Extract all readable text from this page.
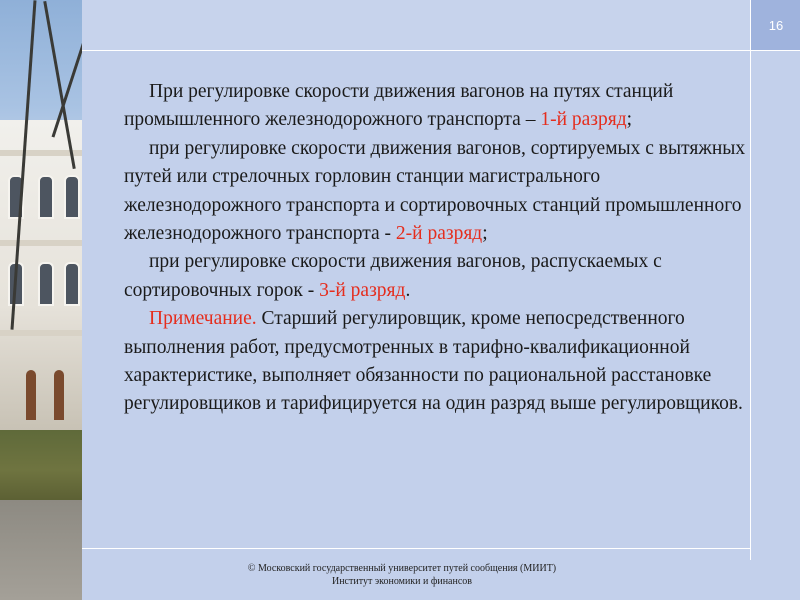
16

При регулировке скорости движения вагонов на путях станций промышленного железнодорожного транспорта – 1-й разряд;

при регулировке скорости движения вагонов, сортируемых с вытяжных путей или стрелочных горловин станции магистрального железнодорожного транспорта и сортировочных станций промышленного железнодорожного транспорта - 2-й разряд;

при регулировке скорости движения вагонов, распускаемых с сортировочных горок - 3-й разряд.

Примечание. Старший регулировщик, кроме непосредственного выполнения работ, предусмотренных в тарифно-квалификационной характеристике, выполняет обязанности по рациональной расстановке регулировщиков и тарифицируется на один разряд выше регулировщиков.

© Московский государственный университет путей сообщения (МИИТ)
Институт экономики и финансов
